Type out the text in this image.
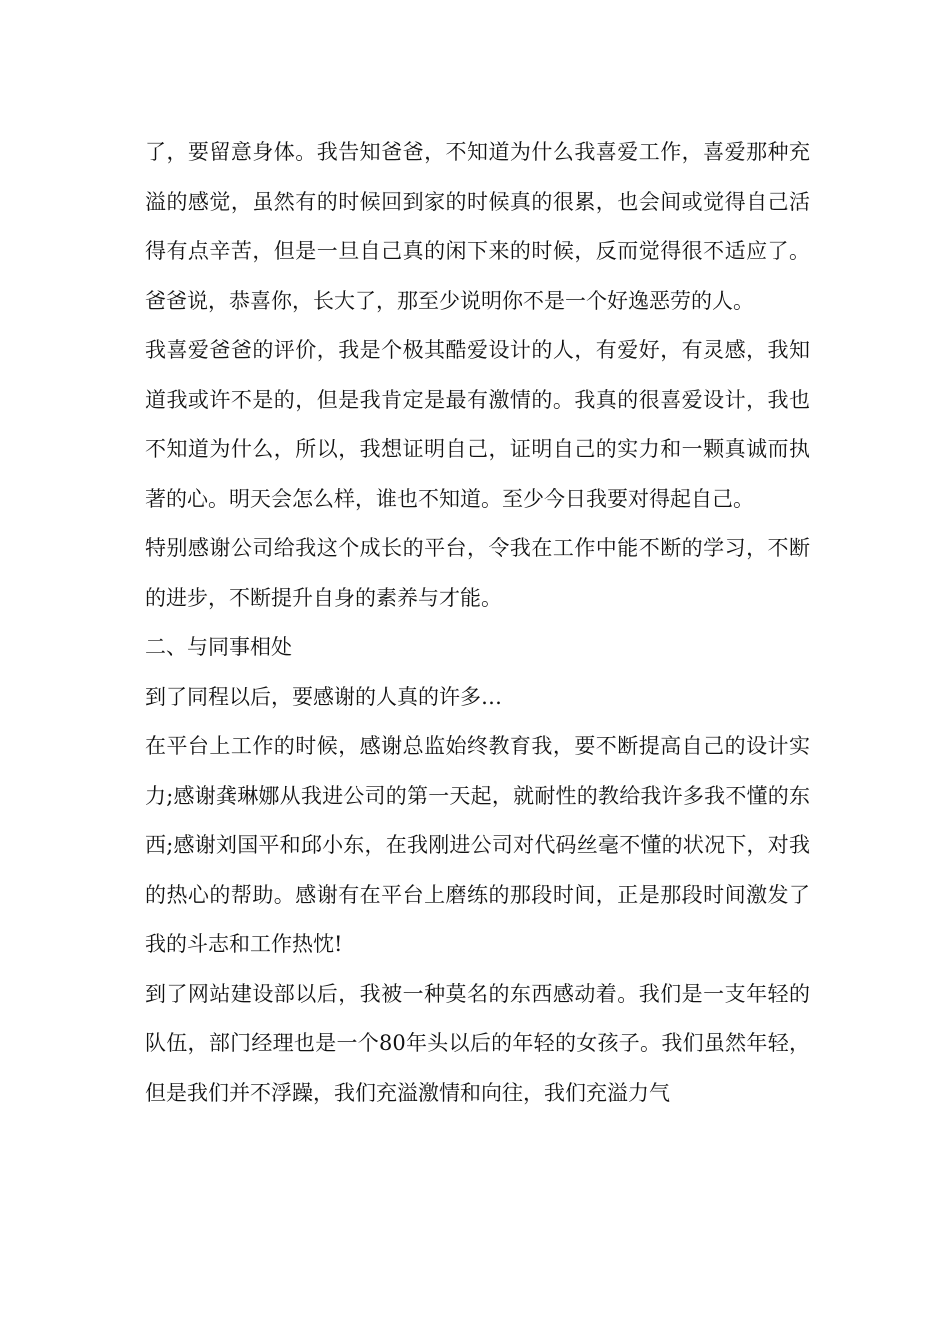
了，要留意身体。我告知爸爸，不知道为什么我喜爱工作，喜爱那种充溢的感觉，虽然有的时候回到家的时候真的很累，也会间或觉得自己活得有点辛苦，但是一旦自己真的闲下来的时候，反而觉得很不适应了。爸爸说，恭喜你，长大了，那至少说明你不是一个好逸恶劳的人。

我喜爱爸爸的评价，我是个极其酷爱设计的人，有爱好，有灵感，我知道我或许不是的，但是我肯定是最有激情的。我真的很喜爱设计，我也不知道为什么，所以，我想证明自己，证明自己的实力和一颗真诚而执著的心。明天会怎么样，谁也不知道。至少今日我要对得起自己。

特别感谢公司给我这个成长的平台，令我在工作中能不断的学习，不断的进步，不断提升自身的素养与才能。

二、与同事相处

到了同程以后，要感谢的人真的许多…

在平台上工作的时候，感谢总监始终教育我，要不断提高自己的设计实力;感谢龚琳娜从我进公司的第一天起，就耐性的教给我许多我不懂的东西;感谢刘国平和邱小东，在我刚进公司对代码丝毫不懂的状况下，对我的热心的帮助。感谢有在平台上磨练的那段时间，正是那段时间激发了我的斗志和工作热忱!

到了网站建设部以后，我被一种莫名的东西感动着。我们是一支年轻的队伍，部门经理也是一个80年头以后的年轻的女孩子。我们虽然年轻，但是我们并不浮躁，我们充溢激情和向往，我们充溢力气
